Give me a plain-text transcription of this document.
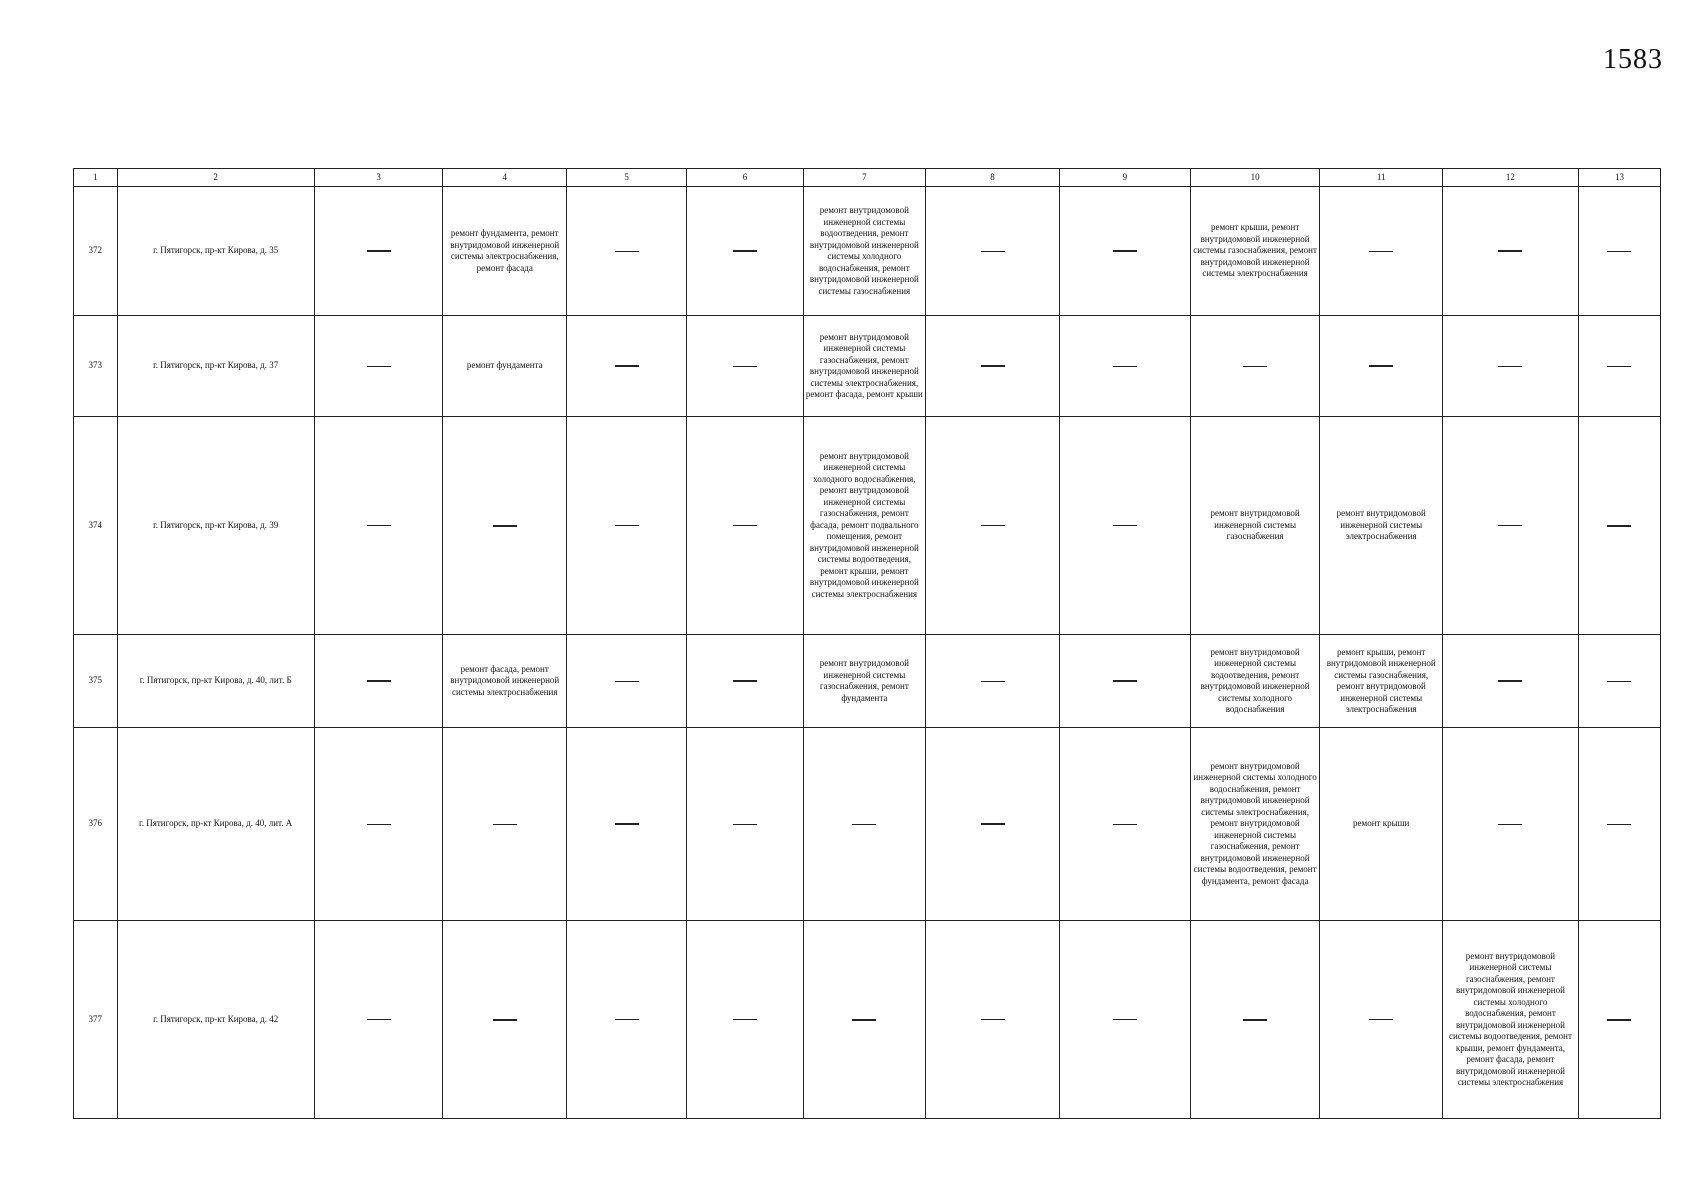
1583
1	2	3	4	5	6	7	8	9	10	11	12	13
372	г. Пятигорск, пр-кт Кирова, д. 35		ремонт фундамента, ремонт внутридомовой инженерной системы электроснабжения, ремонт фасада			ремонт внутридомовой инженерной системы водоотведения, ремонт внутридомовой инженерной системы холодного водоснабжения, ремонт внутридомовой инженерной системы газоснабжения			ремонт крыши, ремонт внутридомовой инженерной системы газоснабжения, ремонт внутридомовой инженерной системы электроснабжения			
373	г. Пятигорск, пр-кт Кирова, д. 37		ремонт фундамента			ремонт внутридомовой инженерной системы газоснабжения, ремонт внутридомовой инженерной системы электроснабжения, ремонт фасада, ремонт крыши						
374	г. Пятигорск, пр-кт Кирова, д. 39					ремонт внутридомовой инженерной системы холодного водоснабжения, ремонт внутридомовой инженерной системы газоснабжения, ремонт фасада, ремонт подвального помещения, ремонт внутридомовой инженерной системы водоотведения, ремонт крыши, ремонт внутридомовой инженерной системы электроснабжения			ремонт внутридомовой инженерной системы газоснабжения	ремонт внутридомовой инженерной системы электроснабжения		
375	г. Пятигорск, пр-кт Кирова, д. 40, лит. Б		ремонт фасада, ремонт внутридомовой инженерной системы электроснабжения			ремонт внутридомовой инженерной системы газоснабжения, ремонт фундамента			ремонт внутридомовой инженерной системы водоотведения, ремонт внутридомовой инженерной системы холодного водоснабжения	ремонт крыши, ремонт внутридомовой инженерной системы газоснабжения, ремонт внутридомовой инженерной системы электроснабжения		
376	г. Пятигорск, пр-кт Кирова, д. 40, лит. А								ремонт внутридомовой инженерной системы холодного водоснабжения, ремонт внутридомовой инженерной системы электроснабжения, ремонт внутридомовой инженерной системы газоснабжения, ремонт внутридомовой инженерной системы водоотведения, ремонт фундамента, ремонт фасада	ремонт крыши		
377	г. Пятигорск, пр-кт Кирова, д. 42										ремонт внутридомовой инженерной системы газоснабжения, ремонт внутридомовой инженерной системы холодного водоснабжения, ремонт внутридомовой инженерной системы водоотведения, ремонт крыши, ремонт фундамента, ремонт фасада, ремонт внутридомовой инженерной системы электроснабжения	
